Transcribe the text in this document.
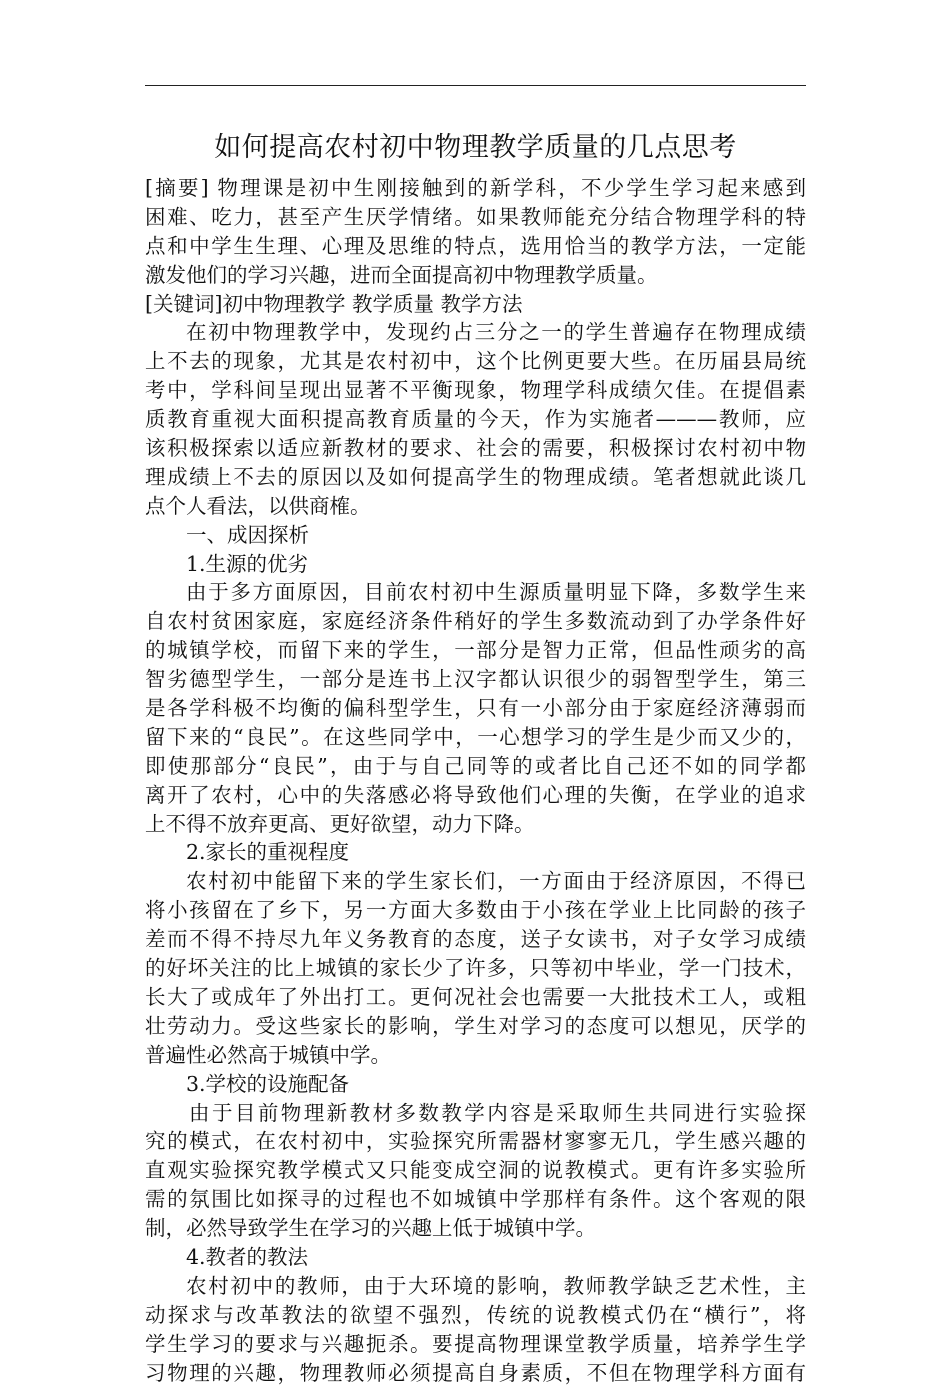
如何提高农村初中物理教学质量的几点思考
[摘要] 物理课是初中生刚接触到的新学科，不少学生学习起来感到
困难、吃力，甚至产生厌学情绪。如果教师能充分结合物理学科的特
点和中学生生理、心理及思维的特点，选用恰当的教学方法，一定能
激发他们的学习兴趣，进而全面提高初中物理教学质量。
[关键词]初中物理教学 教学质量 教学方法
在初中物理教学中，发现约占三分之一的学生普遍存在物理成绩
上不去的现象，尤其是农村初中，这个比例更要大些。在历届县局统
考中，学科间呈现出显著不平衡现象，物理学科成绩欠佳。在提倡素
质教育重视大面积提高教育质量的今天，作为实施者———教师，应
该积极探索以适应新教材的要求、社会的需要，积极探讨农村初中物
理成绩上不去的原因以及如何提高学生的物理成绩。笔者想就此谈几
点个人看法，以供商榷。
一、成因探析
1.生源的优劣
由于多方面原因，目前农村初中生源质量明显下降，多数学生来
自农村贫困家庭，家庭经济条件稍好的学生多数流动到了办学条件好
的城镇学校，而留下来的学生，一部分是智力正常，但品性顽劣的高
智劣德型学生，一部分是连书上汉字都认识很少的弱智型学生，第三
是各学科极不均衡的偏科型学生，只有一小部分由于家庭经济薄弱而
留下来的“良民”。在这些同学中，一心想学习的学生是少而又少的，
即使那部分“良民”，由于与自己同等的或者比自己还不如的同学都
离开了农村，心中的失落感必将导致他们心理的失衡，在学业的追求
上不得不放弃更高、更好欲望，动力下降。
2.家长的重视程度
农村初中能留下来的学生家长们，一方面由于经济原因，不得已
将小孩留在了乡下，另一方面大多数由于小孩在学业上比同龄的孩子
差而不得不持尽九年义务教育的态度，送子女读书，对子女学习成绩
的好坏关注的比上城镇的家长少了许多，只等初中毕业，学一门技术，
长大了或成年了外出打工。更何况社会也需要一大批技术工人，或粗
壮劳动力。受这些家长的影响，学生对学习的态度可以想见，厌学的
普遍性必然高于城镇中学。
3.学校的设施配备
由于目前物理新教材多数教学内容是采取师生共同进行实验探
究的模式，在农村初中，实验探究所需器材寥寥无几，学生感兴趣的
直观实验探究教学模式又只能变成空洞的说教模式。更有许多实验所
需的氛围比如探寻的过程也不如城镇中学那样有条件。这个客观的限
制，必然导致学生在学习的兴趣上低于城镇中学。
4.教者的教法
农村初中的教师，由于大环境的影响，教师教学缺乏艺术性，主
动探求与改革教法的欲望不强烈，传统的说教模式仍在“横行”，将
学生学习的要求与兴趣扼杀。要提高物理课堂教学质量，培养学生学
习物理的兴趣，物理教师必须提高自身素质，不但在物理学科方面有
